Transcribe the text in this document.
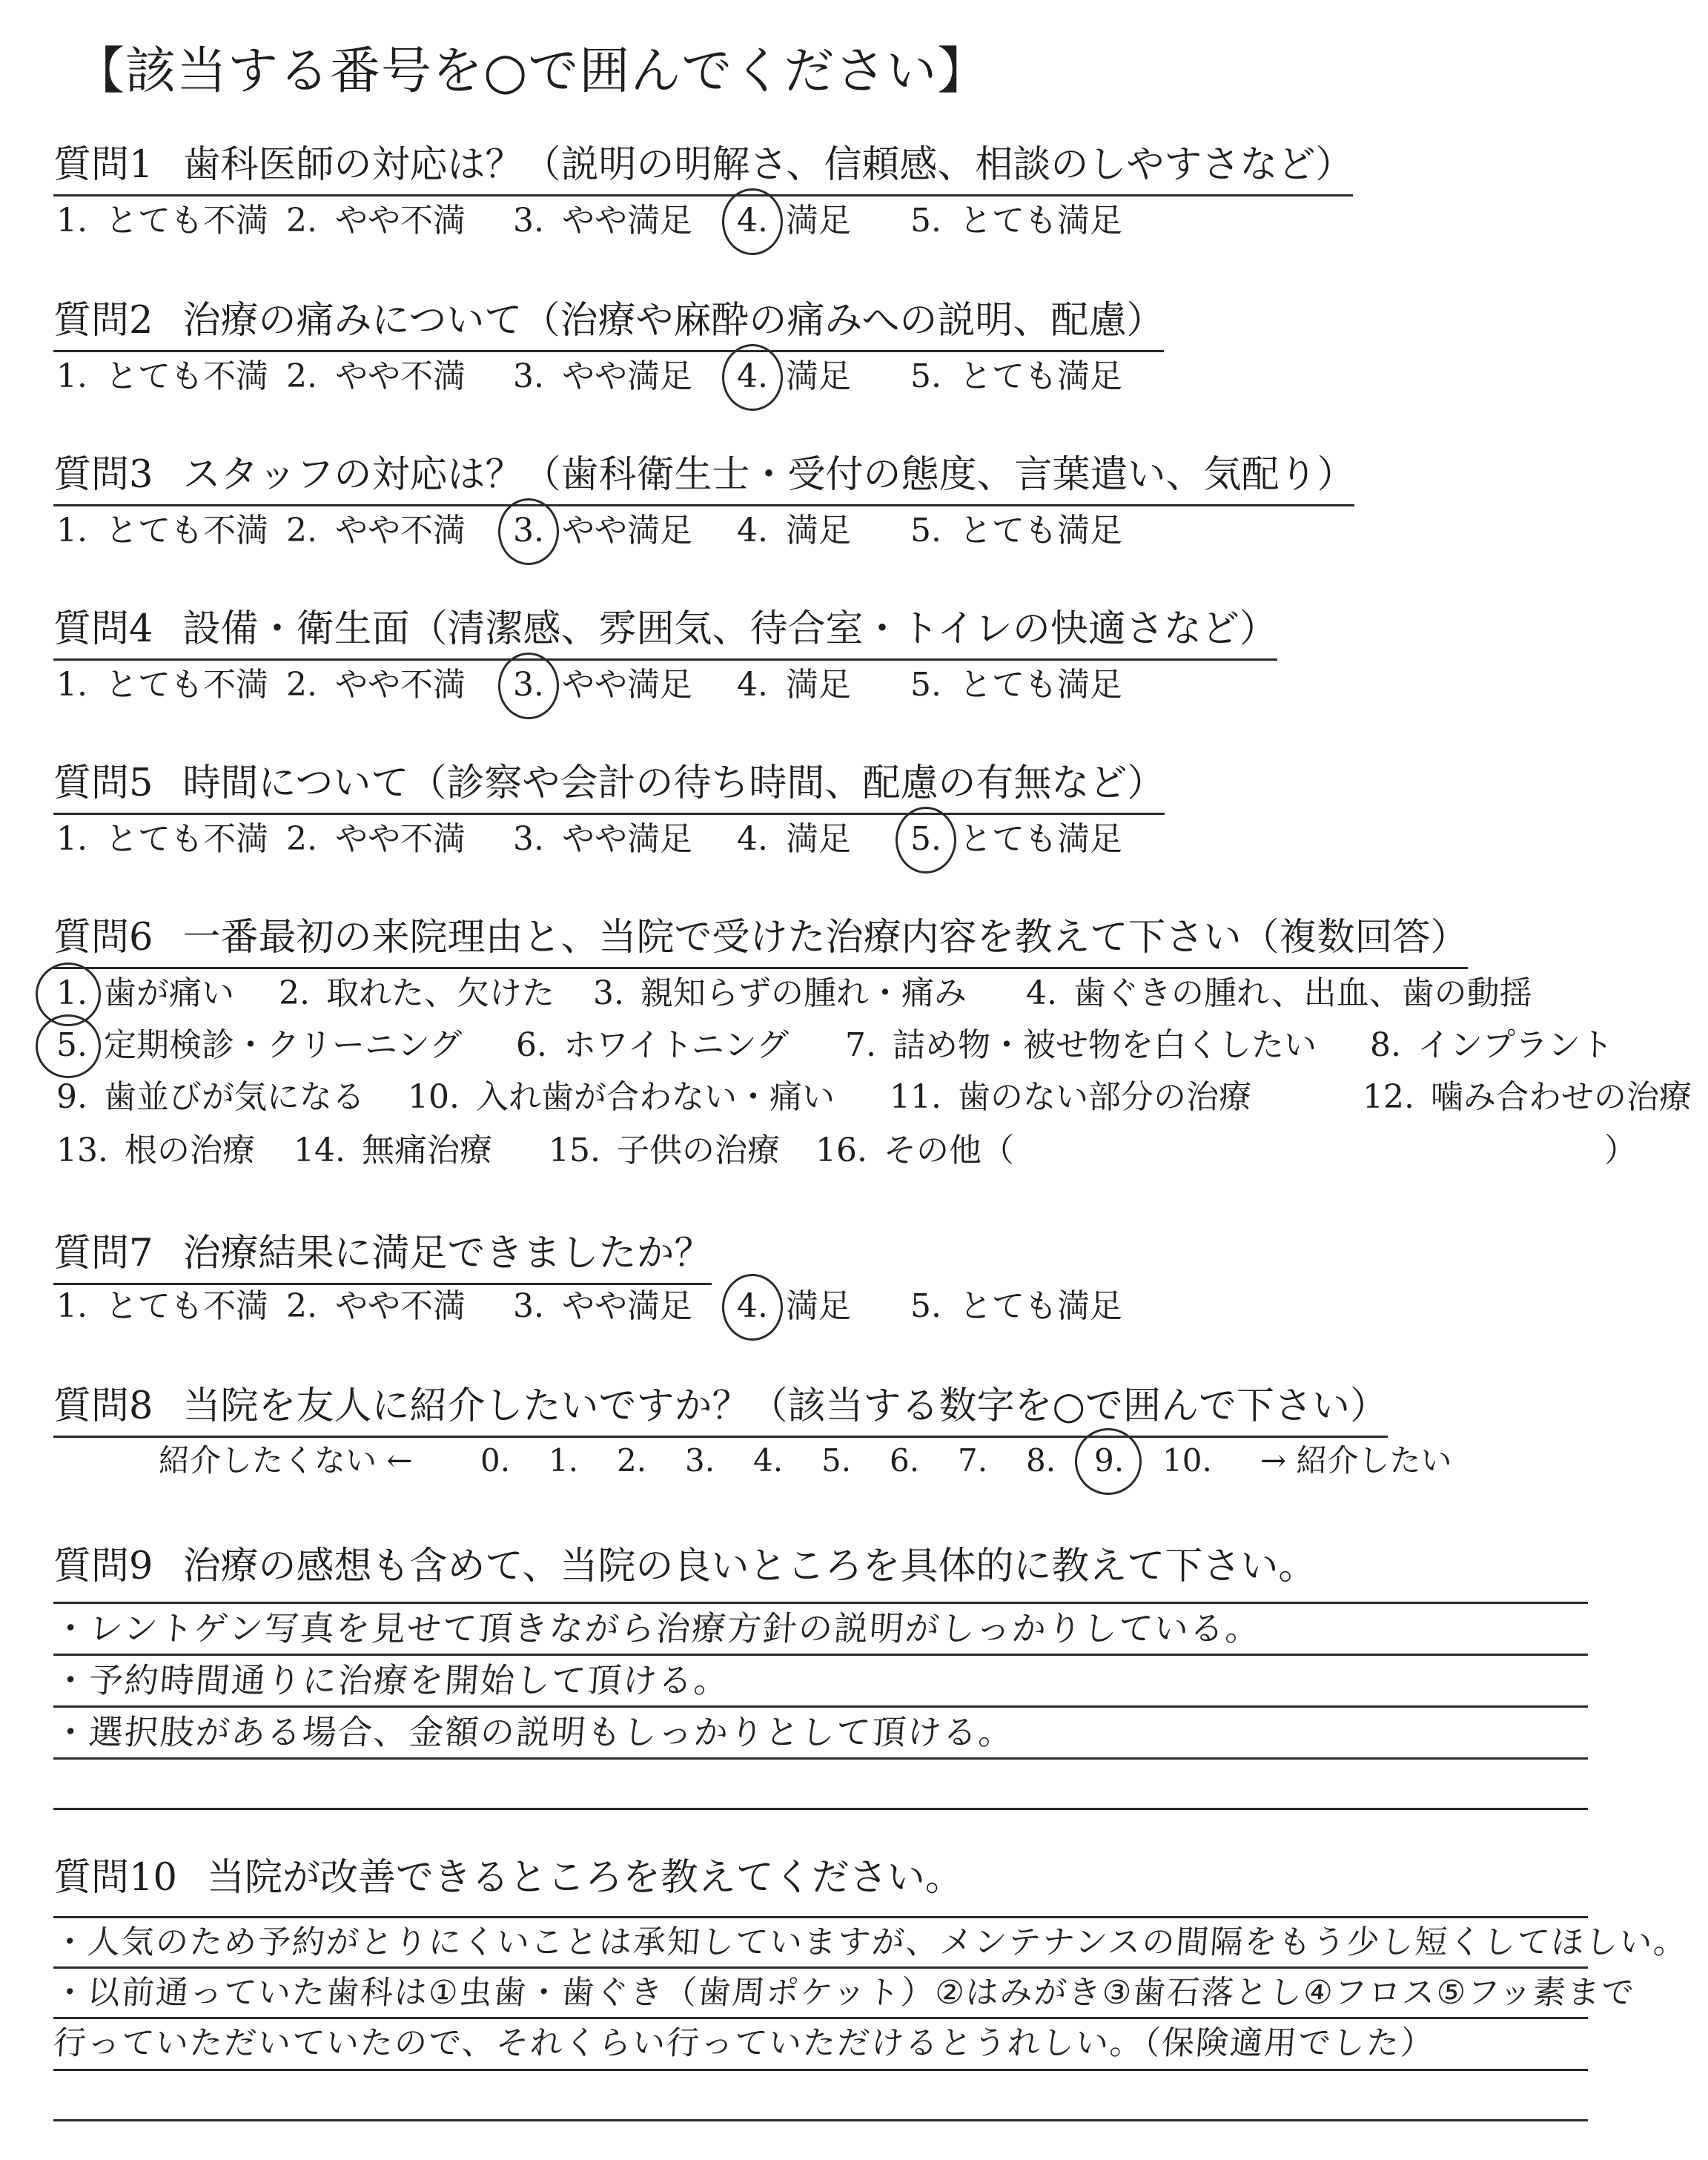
【該当する番号を○で囲んでください】
質問1 歯科医師の対応は？（説明の明解さ、信頼感、相談のしやすさなど）
1. とても不満 2. やや不満 3. やや満足 4. 満足 5. とても満足
質問2 治療の痛みについて（治療や麻酔の痛みへの説明、配慮）
1. とても不満 2. やや不満 3. やや満足 4. 満足 5. とても満足
質問3 スタッフの対応は？（歯科衛生士・受付の態度、言葉遣い、気配り）
1. とても不満 2. やや不満 3. やや満足 4. 満足 5. とても満足
質問4 設備・衛生面（清潔感、雰囲気、待合室・トイレの快適さなど）
1. とても不満 2. やや不満 3. やや満足 4. 満足 5. とても満足
質問5 時間について（診察や会計の待ち時間、配慮の有無など）
1. とても不満 2. やや不満 3. やや満足 4. 満足 5. とても満足
質問6 一番最初の来院理由と、当院で受けた治療内容を教えて下さい（複数回答）
1. 歯が痛い 2. 取れた、欠けた 3. 親知らずの腫れ・痛み 4. 歯ぐきの腫れ、出血、歯の動揺
5. 定期検診・クリーニング 6. ホワイトニング 7. 詰め物・被せ物を白くしたい 8. インプラント
9. 歯並びが気になる 10. 入れ歯が合わない・痛い 11. 歯のない部分の治療	12. 噛み合わせの治療
13. 根の治療 14. 無痛治療 15. 子供の治療 16. その他（	）
質問7 治療結果に満足できましたか？
1. とても不満 2. やや不満 3. やや満足 4. 満足 5. とても満足
質問8 当院を友人に紹介したいですか？（該当する数字を○で囲んで下さい）
紹介したくない ← 0. 1. 2. 3. 4. 5. 6. 7. 8. 9. 10. → 紹介したい
質問9 治療の感想も含めて、当院の良いところを具体的に教えて下さい。
・レントゲン写真を見せて頂きながら治療方針の説明がしっかりしている。
・予約時間通りに治療を開始して頂ける。
・選択肢がある場合、金額の説明もしっかりとして頂ける。
質問10 当院が改善できるところを教えてください。
・人気のため予約がとりにくいことは承知していますが、メンテナンスの間隔をもう少し短くしてほしい。
・以前通っていた歯科は①虫歯・歯ぐき（歯周ポケット）②はみがき③歯石落とし④フロス⑤フッ素まで
行っていただいていたので、それくらい行っていただけるとうれしい。（保険適用でした）
